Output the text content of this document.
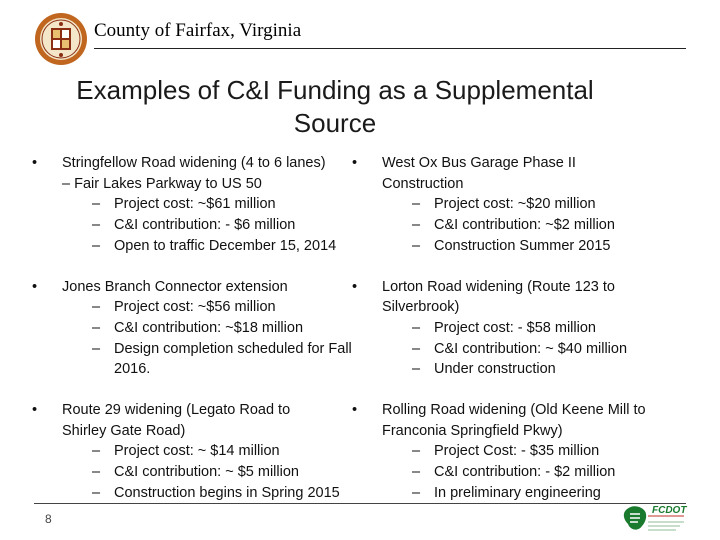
County of Fairfax, Virginia
Examples of C&I Funding as a Supplemental
Source
•	Stringfellow Road widening (4 to 6 lanes)
– Fair Lakes Parkway to US 50
– Project cost: ~$61 million
– C&I contribution: - $6 million
– Open to traffic December 15, 2014
•	Jones Branch Connector extension
– Project cost: ~$56 million
– C&I contribution: ~$18 million
– Design completion scheduled for Fall 2016.
•	Route 29 widening (Legato Road to
Shirley Gate Road)
– Project cost: ~ $14 million
– C&I contribution: ~ $5 million
– Construction begins in Spring 2015
•	West Ox Bus Garage Phase II
Construction
– Project cost: ~$20 million
– C&I contribution: ~$2 million
– Construction Summer 2015
•	Lorton Road widening (Route 123 to
Silverbrook)
– Project cost: - $58 million
– C&I contribution: ~ $40 million
– Under construction
•	Rolling Road widening (Old Keene Mill to
Franconia Springfield Pkwy)
– Project Cost: - $35 million
– C&I contribution: - $2 million
– In preliminary engineering
8
FCDOT
